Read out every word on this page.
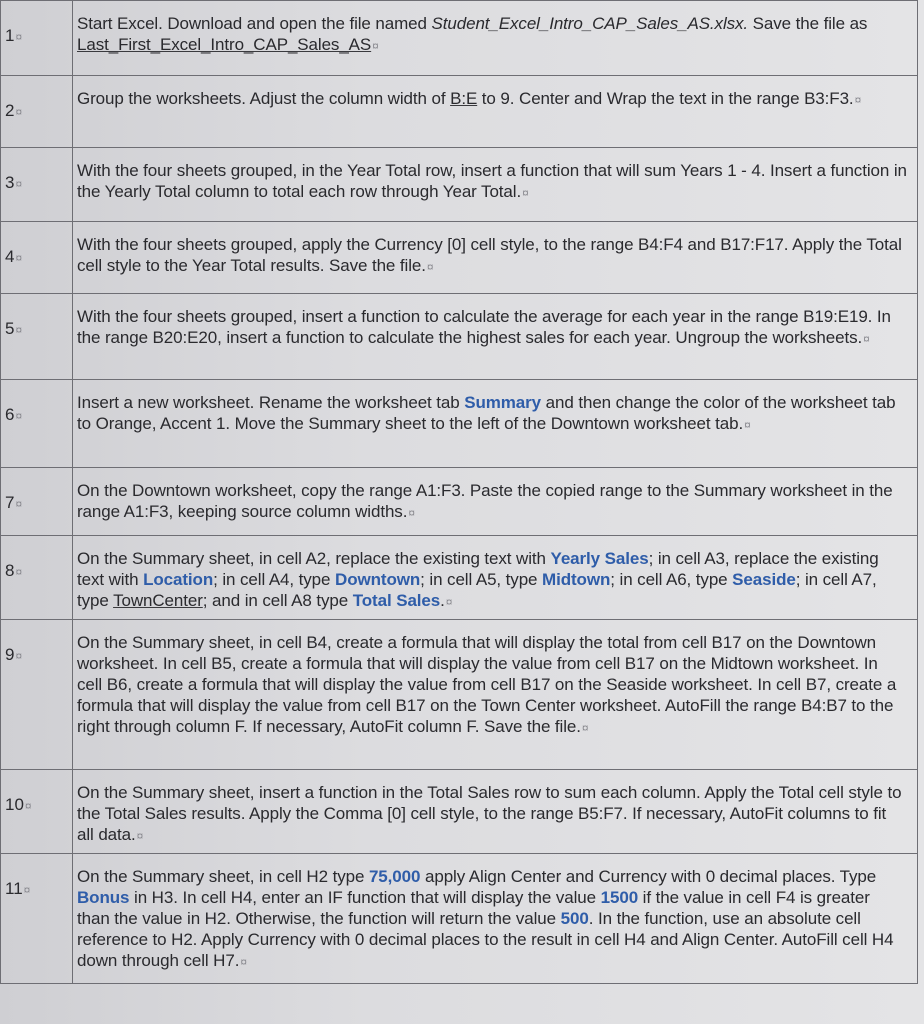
1¤	Start Excel. Download and open the file named Student_Excel_Intro_CAP_Sales_AS.xlsx. Save the file as Last_First_Excel_Intro_CAP_Sales_AS¤
2¤	Group the worksheets. Adjust the column width of B:E to 9. Center and Wrap the text in the range B3:F3.¤
3¤	With the four sheets grouped, in the Year Total row, insert a function that will sum Years 1 - 4. Insert a function in the Yearly Total column to total each row through Year Total.¤
4¤	With the four sheets grouped, apply the Currency [0] cell style, to the range B4:F4 and B17:F17. Apply the Total cell style to the Year Total results. Save the file.¤
5¤	With the four sheets grouped, insert a function to calculate the average for each year in the range B19:E19. In the range B20:E20, insert a function to calculate the highest sales for each year. Ungroup the worksheets.¤
6¤	Insert a new worksheet. Rename the worksheet tab Summary and then change the color of the worksheet tab to Orange, Accent 1. Move the Summary sheet to the left of the Downtown worksheet tab.¤
7¤	On the Downtown worksheet, copy the range A1:F3. Paste the copied range to the Summary worksheet in the range A1:F3, keeping source column widths.¤
8¤	On the Summary sheet, in cell A2, replace the existing text with Yearly Sales; in cell A3, replace the existing text with Location; in cell A4, type Downtown; in cell A5, type Midtown; in cell A6, type Seaside; in cell A7, type TownCenter; and in cell A8 type Total Sales.¤
9¤	On the Summary sheet, in cell B4, create a formula that will display the total from cell B17 on the Downtown worksheet. In cell B5, create a formula that will display the value from cell B17 on the Midtown worksheet. In cell B6, create a formula that will display the value from cell B17 on the Seaside worksheet. In cell B7, create a formula that will display the value from cell B17 on the Town Center worksheet. AutoFill the range B4:B7 to the right through column F. If necessary, AutoFit column F. Save the file.¤
10¤	On the Summary sheet, insert a function in the Total Sales row to sum each column. Apply the Total cell style to the Total Sales results. Apply the Comma [0] cell style, to the range B5:F7. If necessary, AutoFit columns to fit all data.¤
11¤	On the Summary sheet, in cell H2 type 75,000 apply Align Center and Currency with 0 decimal places. Type Bonus in H3. In cell H4, enter an IF function that will display the value 1500 if the value in cell F4 is greater than the value in H2. Otherwise, the function will return the value 500. In the function, use an absolute cell reference to H2. Apply Currency with 0 decimal places to the result in cell H4 and Align Center. AutoFill cell H4 down through cell H7.¤
